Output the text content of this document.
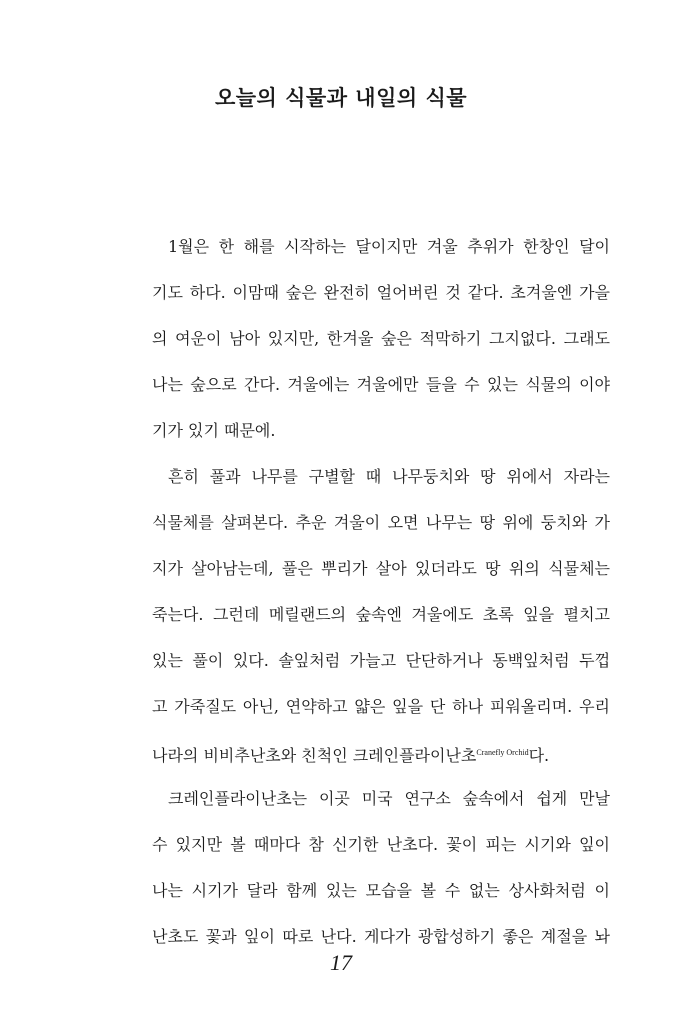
오늘의 식물과 내일의 식물
1월은 한 해를 시작하는 달이지만 겨울 추위가 한창인 달이
기도 하다. 이맘때 숲은 완전히 얼어버린 것 같다. 초겨울엔 가을
의 여운이 남아 있지만, 한겨울 숲은 적막하기 그지없다. 그래도
나는 숲으로 간다. 겨울에는 겨울에만 들을 수 있는 식물의 이야
기가 있기 때문에.
흔히 풀과 나무를 구별할 때 나무둥치와 땅 위에서 자라는
식물체를 살펴본다. 추운 겨울이 오면 나무는 땅 위에 둥치와 가
지가 살아남는데, 풀은 뿌리가 살아 있더라도 땅 위의 식물체는
죽는다. 그런데 메릴랜드의 숲속엔 겨울에도 초록 잎을 펼치고
있는 풀이 있다. 솔잎처럼 가늘고 단단하거나 동백잎처럼 두껍
고 가죽질도 아닌, 연약하고 얇은 잎을 단 하나 피워올리며. 우리
나라의 비비추난초와 친척인 크레인플라이난초$^{Cranefly Orchid}$다.
크레인플라이난초는 이곳 미국 연구소 숲속에서 쉽게 만날
수 있지만 볼 때마다 참 신기한 난초다. 꽃이 피는 시기와 잎이
나는 시기가 달라 함께 있는 모습을 볼 수 없는 상사화처럼 이
난초도 꽃과 잎이 따로 난다. 게다가 광합성하기 좋은 계절을 놔
17
